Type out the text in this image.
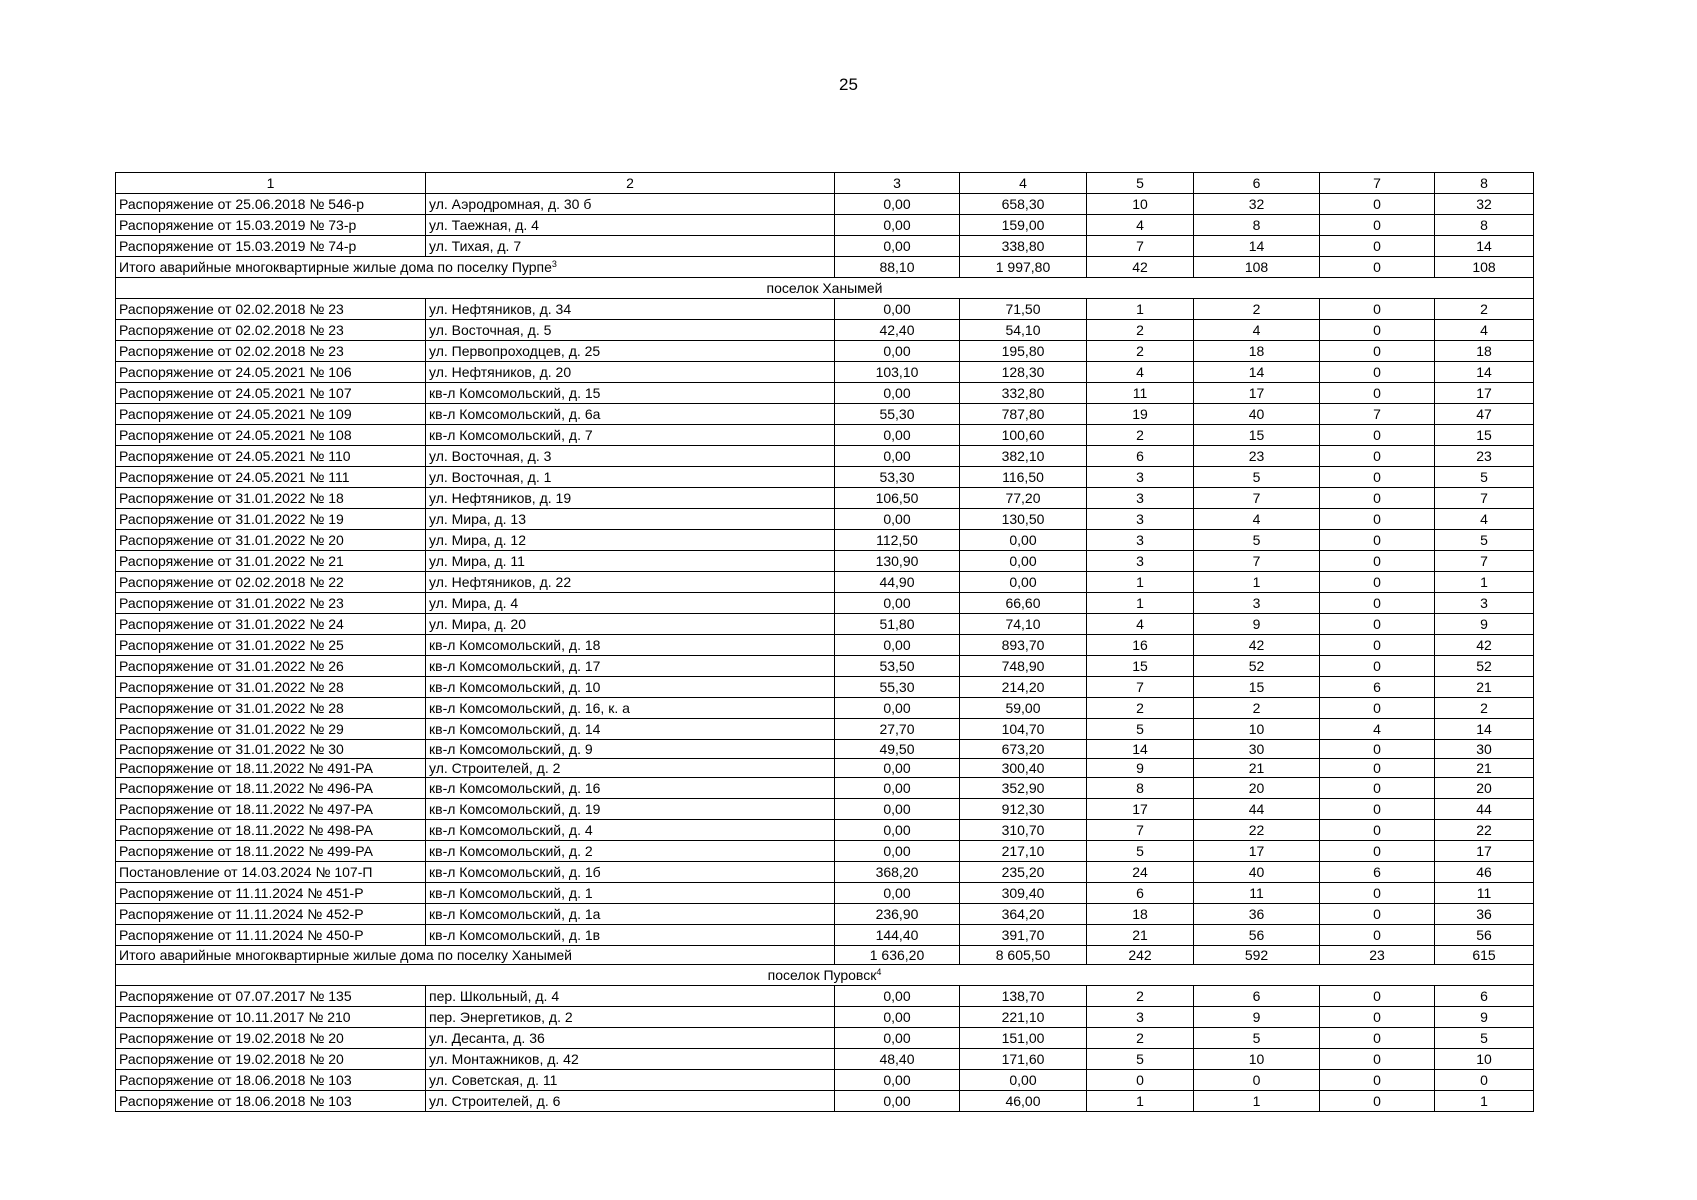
25
1	2	3	4	5	6	7	8
Распоряжение от 25.06.2018 № 546-р	ул. Аэродромная, д. 30 б	0,00	658,30	10	32	0	32
Распоряжение от 15.03.2019 № 73-р	ул. Таежная, д. 4	0,00	159,00	4	8	0	8
Распоряжение от 15.03.2019 № 74-р	ул. Тихая, д. 7	0,00	338,80	7	14	0	14
Итого аварийные многоквартирные жилые дома по поселку Пурпе$^3$		88,10	1 997,80	42	108	0	108
поселок Ханымей							
Распоряжение от 02.02.2018 № 23	ул. Нефтяников, д. 34	0,00	71,50	1	2	0	2
Распоряжение от 02.02.2018 № 23	ул. Восточная, д. 5	42,40	54,10	2	4	0	4
Распоряжение от 02.02.2018 № 23	ул. Первопроходцев, д. 25	0,00	195,80	2	18	0	18
Распоряжение от 24.05.2021 № 106	ул. Нефтяников, д. 20	103,10	128,30	4	14	0	14
Распоряжение от 24.05.2021 № 107	кв-л Комсомольский, д. 15	0,00	332,80	11	17	0	17
Распоряжение от 24.05.2021 № 109	кв-л Комсомольский, д. 6а	55,30	787,80	19	40	7	47
Распоряжение от 24.05.2021 № 108	кв-л Комсомольский, д. 7	0,00	100,60	2	15	0	15
Распоряжение от 24.05.2021 № 110	ул. Восточная, д. 3	0,00	382,10	6	23	0	23
Распоряжение от 24.05.2021 № 111	ул. Восточная, д. 1	53,30	116,50	3	5	0	5
Распоряжение от 31.01.2022 № 18	ул. Нефтяников, д. 19	106,50	77,20	3	7	0	7
Распоряжение от 31.01.2022 № 19	ул. Мира, д. 13	0,00	130,50	3	4	0	4
Распоряжение от 31.01.2022 № 20	ул. Мира, д. 12	112,50	0,00	3	5	0	5
Распоряжение от 31.01.2022 № 21	ул. Мира, д. 11	130,90	0,00	3	7	0	7
Распоряжение от 02.02.2018 № 22	ул. Нефтяников, д. 22	44,90	0,00	1	1	0	1
Распоряжение от 31.01.2022 № 23	ул. Мира, д. 4	0,00	66,60	1	3	0	3
Распоряжение от 31.01.2022 № 24	ул. Мира, д. 20	51,80	74,10	4	9	0	9
Распоряжение от 31.01.2022 № 25	кв-л Комсомольский, д. 18	0,00	893,70	16	42	0	42
Распоряжение от 31.01.2022 № 26	кв-л Комсомольский, д. 17	53,50	748,90	15	52	0	52
Распоряжение от 31.01.2022 № 28	кв-л Комсомольский, д. 10	55,30	214,20	7	15	6	21
Распоряжение от 31.01.2022 № 28	кв-л Комсомольский, д. 16, к. а	0,00	59,00	2	2	0	2
Распоряжение от 31.01.2022 № 29	кв-л Комсомольский, д. 14	27,70	104,70	5	10	4	14
Распоряжение от 31.01.2022 № 30	кв-л Комсомольский, д. 9	49,50	673,20	14	30	0	30
Распоряжение от 18.11.2022 № 491-РА	ул. Строителей, д. 2	0,00	300,40	9	21	0	21
Распоряжение от 18.11.2022 № 496-РА	кв-л Комсомольский, д. 16	0,00	352,90	8	20	0	20
Распоряжение от 18.11.2022 № 497-РА	кв-л Комсомольский, д. 19	0,00	912,30	17	44	0	44
Распоряжение от 18.11.2022 № 498-РА	кв-л Комсомольский, д. 4	0,00	310,70	7	22	0	22
Распоряжение от 18.11.2022 № 499-РА	кв-л Комсомольский, д. 2	0,00	217,10	5	17	0	17
Постановление от 14.03.2024 № 107-П	кв-л Комсомольский, д. 1б	368,20	235,20	24	40	6	46
Распоряжение от 11.11.2024 № 451-Р	кв-л Комсомольский, д. 1	0,00	309,40	6	11	0	11
Распоряжение от 11.11.2024 № 452-Р	кв-л Комсомольский, д. 1а	236,90	364,20	18	36	0	36
Распоряжение от 11.11.2024 № 450-Р	кв-л Комсомольский, д. 1в	144,40	391,70	21	56	0	56
Итого аварийные многоквартирные жилые дома по поселку Ханымей		1 636,20	8 605,50	242	592	23	615
поселок Пуровск$^4$
Распоряжение от 07.07.2017 № 135	пер. Школьный, д. 4	0,00	138,70	2	6	0	6
Распоряжение от 10.11.2017 № 210	пер. Энергетиков, д. 2	0,00	221,10	3	9	0	9
Распоряжение от 19.02.2018 № 20	ул. Десанта, д. 36	0,00	151,00	2	5	0	5
Распоряжение от 19.02.2018 № 20	ул. Монтажников, д. 42	48,40	171,60	5	10	0	10
Распоряжение от 18.06.2018 № 103	ул. Советская, д. 11	0,00	0,00	0	0	0	0
Распоряжение от 18.06.2018 № 103	ул. Строителей, д. 6	0,00	46,00	1	1	0	1
